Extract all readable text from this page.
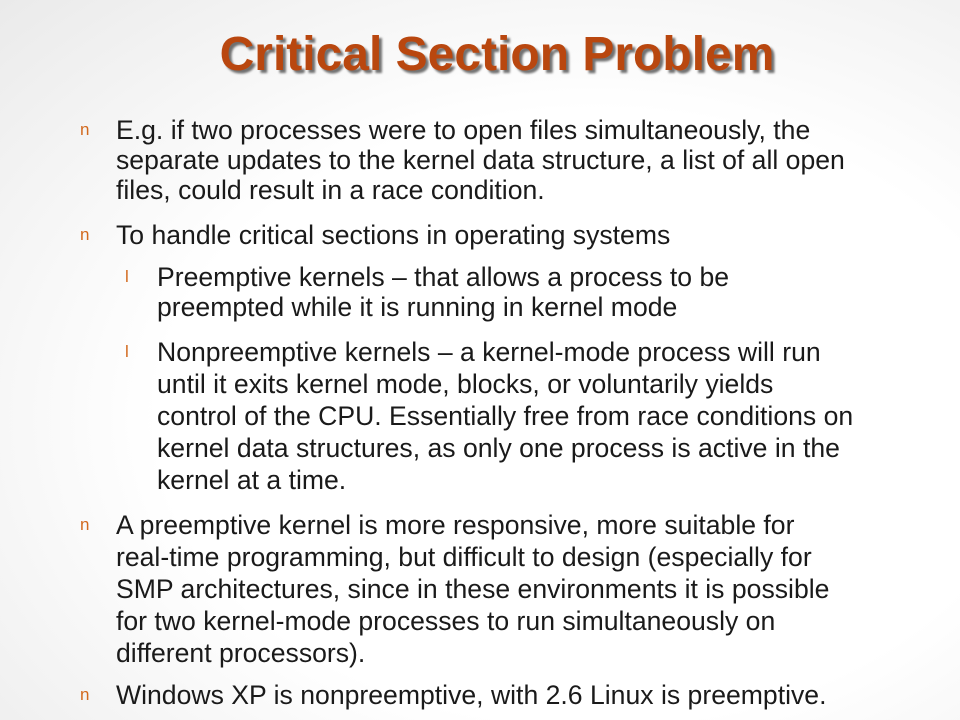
Critical Section Problem
n E.g. if two processes were to open files simultaneously, the
separate updates to the kernel data structure, a list of all open
files, could result in a race condition.
n To handle critical sections in operating systems
l Preemptive kernels – that allows a process to be
preempted while it is running in kernel mode
l Nonpreemptive kernels – a kernel-mode process will run
until it exits kernel mode, blocks, or voluntarily yields
control of the CPU. Essentially free from race conditions on
kernel data structures, as only one process is active in the
kernel at a time.
n A preemptive kernel is more responsive, more suitable for
real-time programming, but difficult to design (especially for
SMP architectures, since in these environments it is possible
for two kernel-mode processes to run simultaneously on
different processors).
n Windows XP is nonpreemptive, with 2.6 Linux is preemptive.
